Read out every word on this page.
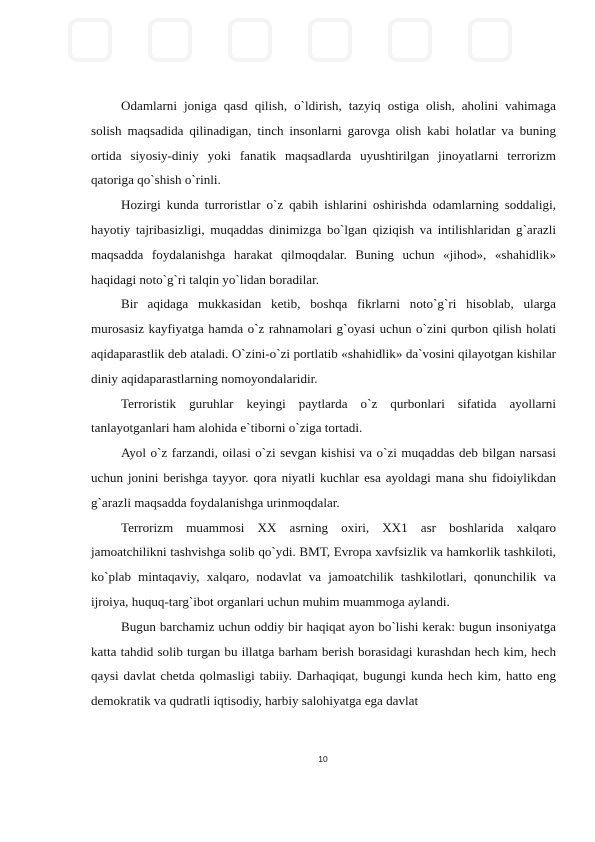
Odamlarni joniga qasd qilish, o`ldirish, tazyiq ostiga olish, aholini vahimaga solish maqsadida qilinadigan, tinch insonlarni garovga olish kabi holatlar va buning ortida siyosiy-diniy yoki fanatik maqsadlarda uyushtirilgan jinoyatlarni terrorizm qatoriga qo`shish o`rinli.

Hozirgi kunda turroristlar o`z qabih ishlarini oshirishda odamlarning soddaligi, hayotiy tajribasizligi, muqaddas dinimizga bo`lgan qiziqish va intilishlaridan g`arazli maqsadda foydalanishga harakat qilmoqdalar. Buning uchun «jihod», «shahidlik» haqidagi noto`g`ri talqin yo`lidan boradilar.

Bir aqidaga mukkasidan ketib, boshqa fikrlarni noto`g`ri hisoblab, ularga murosasiz kayfiyatga hamda o`z rahnamolari g`oyasi uchun o`zini qurbon qilish holati aqidaparastlik deb ataladi. O`zini-o`zi portlatib «shahidlik» da`vosini qilayotgan kishilar diniy aqidaparastlarning nomoyondalaridir.

Terroristik guruhlar keyingi paytlarda o`z qurbonlari sifatida ayollarni tanlayotganlari ham alohida e`tiborni o`ziga tortadi.

Ayol o`z farzandi, oilasi o`zi sevgan kishisi va o`zi muqaddas deb bilgan narsasi uchun jonini berishga tayyor. qora niyatli kuchlar esa ayoldagi mana shu fidoiylikdan g`arazli maqsadda foydalanishga urinmoqdalar.

Terrorizm muammosi XX asrning oxiri, XX1 asr boshlarida xalqaro jamoatchilikni tashvishga solib qo`ydi. BMT, Evropa xavfsizlik va hamkorlik tashkiloti, ko`plab mintaqaviy, xalqaro, nodavlat va jamoatchilik tashkilotlari, qonunchilik va ijroiya, huquq-targ`ibot organlari uchun muhim muammoga aylandi.

Bugun barchamiz uchun oddiy bir haqiqat ayon bo`lishi kerak: bugun insoniyatga katta tahdid solib turgan bu illatga barham berish borasidagi kurashdan hech kim, hech qaysi davlat chetda qolmasligi tabiiy. Darhaqiqat, bugungi kunda hech kim, hatto eng demokratik va qudratli iqtisodiy, harbiy salohiyatga ega davlat

10
